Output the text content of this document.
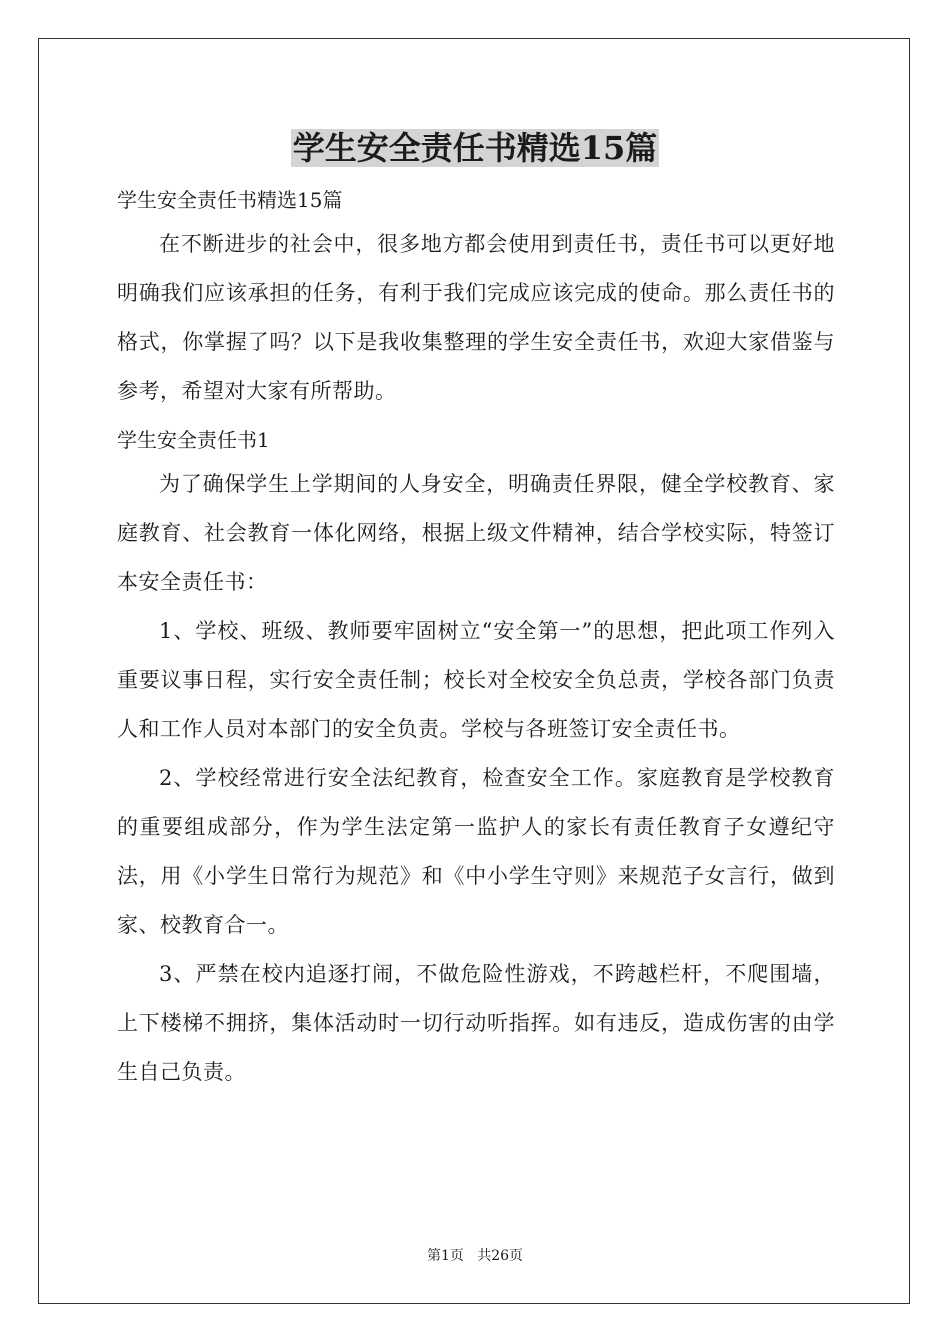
学生安全责任书精选15篇

学生安全责任书精选15篇

在不断进步的社会中，很多地方都会使用到责任书，责任书可以更好地明确我们应该承担的任务，有利于我们完成应该完成的使命。那么责任书的格式，你掌握了吗？以下是我收集整理的学生安全责任书，欢迎大家借鉴与参考，希望对大家有所帮助。

学生安全责任书1

为了确保学生上学期间的人身安全，明确责任界限，健全学校教育、家庭教育、社会教育一体化网络，根据上级文件精神，结合学校实际，特签订本安全责任书：

1、学校、班级、教师要牢固树立“安全第一”的思想，把此项工作列入重要议事日程，实行安全责任制；校长对全校安全负总责，学校各部门负责人和工作人员对本部门的安全负责。学校与各班签订安全责任书。

2、学校经常进行安全法纪教育，检查安全工作。家庭教育是学校教育的重要组成部分，作为学生法定第一监护人的家长有责任教育子女遵纪守法，用《小学生日常行为规范》和《中小学生守则》来规范子女言行，做到家、校教育合一。

3、严禁在校内追逐打闹，不做危险性游戏，不跨越栏杆，不爬围墙，上下楼梯不拥挤，集体活动时一切行动听指挥。如有违反，造成伤害的由学生自己负责。

第1页   共26页
